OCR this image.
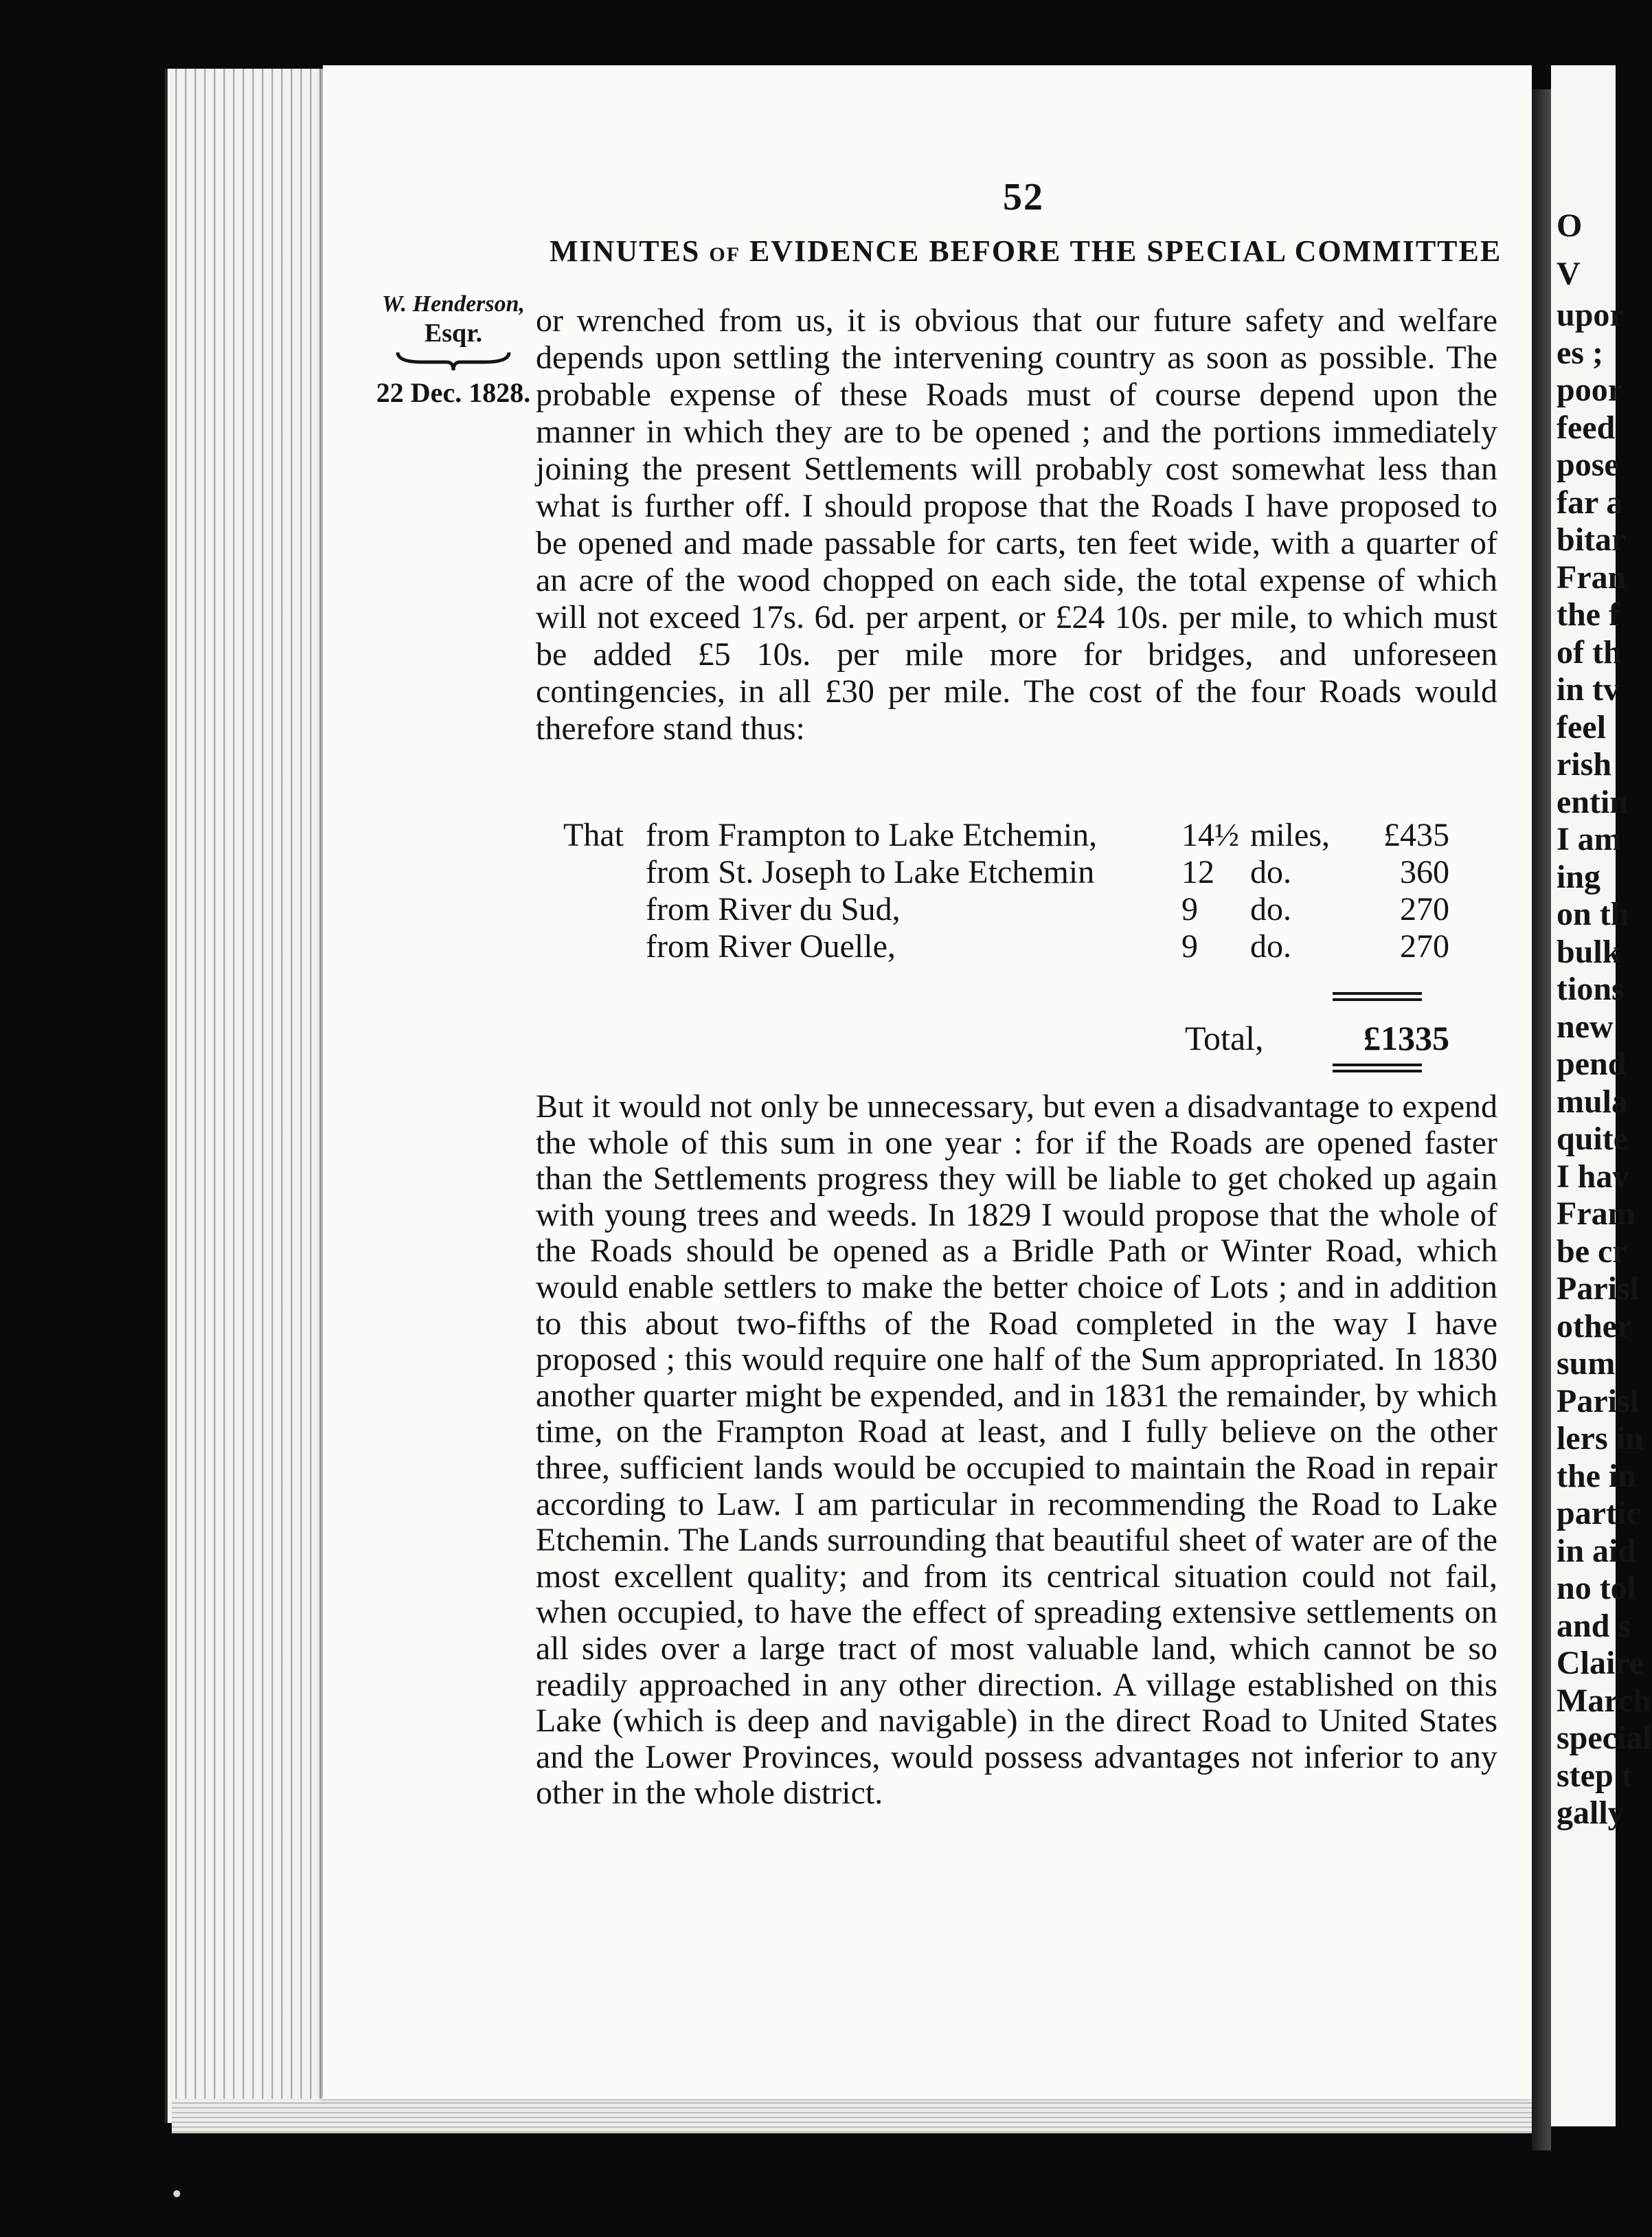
O
V
upor
es ;
poor
feed
pose
far a
bitar
Fran
the f
of th
in tv
feel
rish
entin
I am
ing
on th
bulk
tions
new
pend
mula
quite
I hav
Fram
be cr
Parisl
other
sum
Parisl
lers in
the in
partic
in aid
no tol
and s
Claire
March
special
step t
gally
52
MINUTES OF EVIDENCE BEFORE THE SPECIAL COMMITTEE
W. Henderson,
Esqr.
22 Dec. 1828.

or wrenched from us, it is obvious that our future safety and welfare depends upon settling the intervening country as soon as possible. The probable expense of these Roads must of course depend upon the manner in which they are to be opened ; and the portions immediately joining the present Settlements will probably cost somewhat less than what is further off. I should propose that the Roads I have proposed to be opened and made passable for carts, ten feet wide, with a quarter of an acre of the wood chopped on each side, the total expense of which will not exceed 17s. 6d. per arpent, or £24 10s. per mile, to which must be added £5 10s. per mile more for bridges, and unforeseen contingencies, in all £30 per mile. The cost of the four Roads would therefore stand thus:

That from Frampton to Lake Etchemin,	14½ miles, £435
from St. Joseph to Lake Etchemin	12 do.	360
from River du Sud,	9 do.	270
from River Ouelle,	9 do.	270
Total,	£1335

But it would not only be unnecessary, but even a disadvantage to expend the whole of this sum in one year : for if the Roads are opened faster than the Settlements progress they will be liable to get choked up again with young trees and weeds. In 1829 I would propose that the whole of the Roads should be opened as a Bridle Path or Winter Road, which would enable settlers to make the better choice of Lots ; and in addition to this about two-fifths of the Road completed in the way I have proposed ; this would require one half of the Sum appropriated. In 1830 another quarter might be expended, and in 1831 the remainder, by which time, on the Frampton Road at least, and I fully believe on the other three, sufficient lands would be occupied to maintain the Road in repair according to Law. I am particular in recommending the Road to Lake Etchemin. The Lands surrounding that beautiful sheet of water are of the most excellent quality; and from its centrical situation could not fail, when occupied, to have the effect of spreading extensive settlements on all sides over a large tract of most valuable land, which cannot be so readily approached in any other direction. A village established on this Lake (which is deep and navigable) in the direct Road to United States and the Lower Provinces, would possess advantages not inferior to any other in the whole district.

•
